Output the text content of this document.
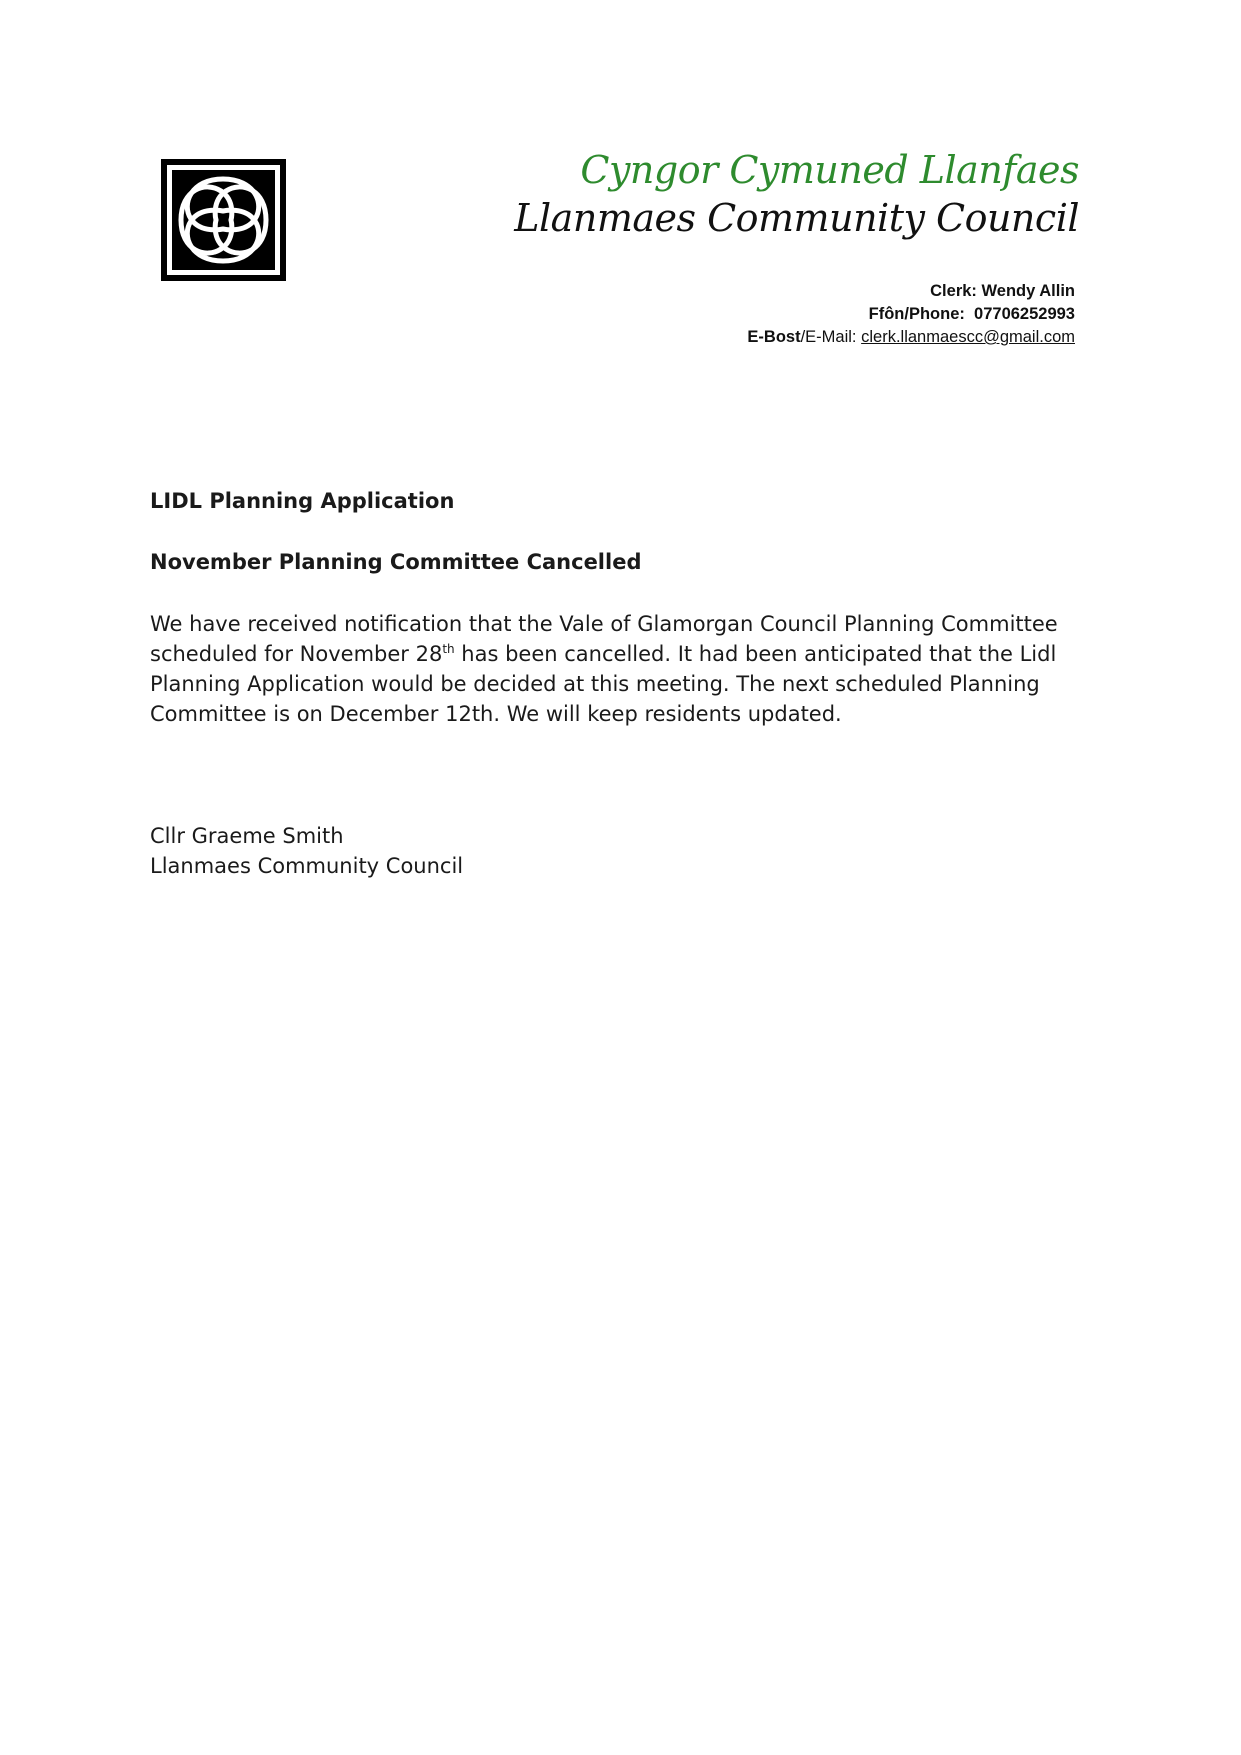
Cyngor Cymuned Llanfaes
Llanmaes Community Council
Clerk: Wendy Allin
Ffôn/Phone: 07706252993
E-Bost/E-Mail: clerk.llanmaescc@gmail.com

LIDL Planning Application

November Planning Committee Cancelled

We have received notification that the Vale of Glamorgan Council Planning Committee scheduled for November 28th has been cancelled. It had been anticipated that the Lidl Planning Application would be decided at this meeting. The next scheduled Planning Committee is on December 12th. We will keep residents updated.

Cllr Graeme Smith
Llanmaes Community Council
